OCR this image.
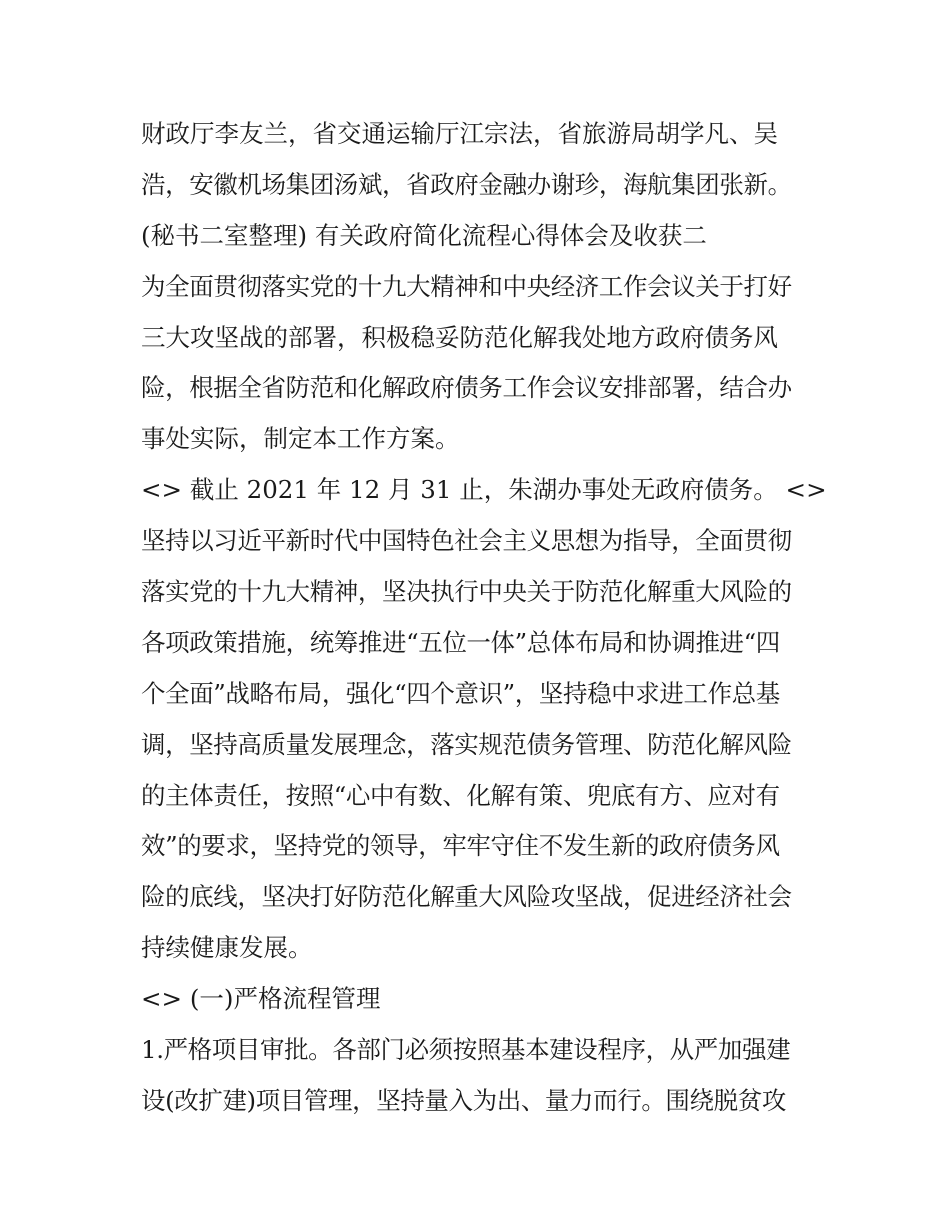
财政厅李友兰，省交通运输厅江宗法，省旅游局胡学凡、吴
浩，安徽机场集团汤斌，省政府金融办谢珍，海航集团张新。
(秘书二室整理) 有关政府简化流程心得体会及收获二
为全面贯彻落实党的十九大精神和中央经济工作会议关于打好
三大攻坚战的部署，积极稳妥防范化解我处地方政府债务风
险，根据全省防范和化解政府债务工作会议安排部署，结合办
事处实际，制定本工作方案。
<> 截止 2021 年 12 月 31 止，朱湖办事处无政府债务。 <>
坚持以习近平新时代中国特色社会主义思想为指导，全面贯彻
落实党的十九大精神，坚决执行中央关于防范化解重大风险的
各项政策措施，统筹推进“五位一体”总体布局和协调推进“四
个全面”战略布局，强化“四个意识”，坚持稳中求进工作总基
调，坚持高质量发展理念，落实规范债务管理、防范化解风险
的主体责任，按照“心中有数、化解有策、兜底有方、应对有
效”的要求，坚持党的领导，牢牢守住不发生新的政府债务风
险的底线，坚决打好防范化解重大风险攻坚战，促进经济社会
持续健康发展。
<> (一)严格流程管理
1.严格项目审批。各部门必须按照基本建设程序，从严加强建
设(改扩建)项目管理，坚持量入为出、量力而行。围绕脱贫攻
